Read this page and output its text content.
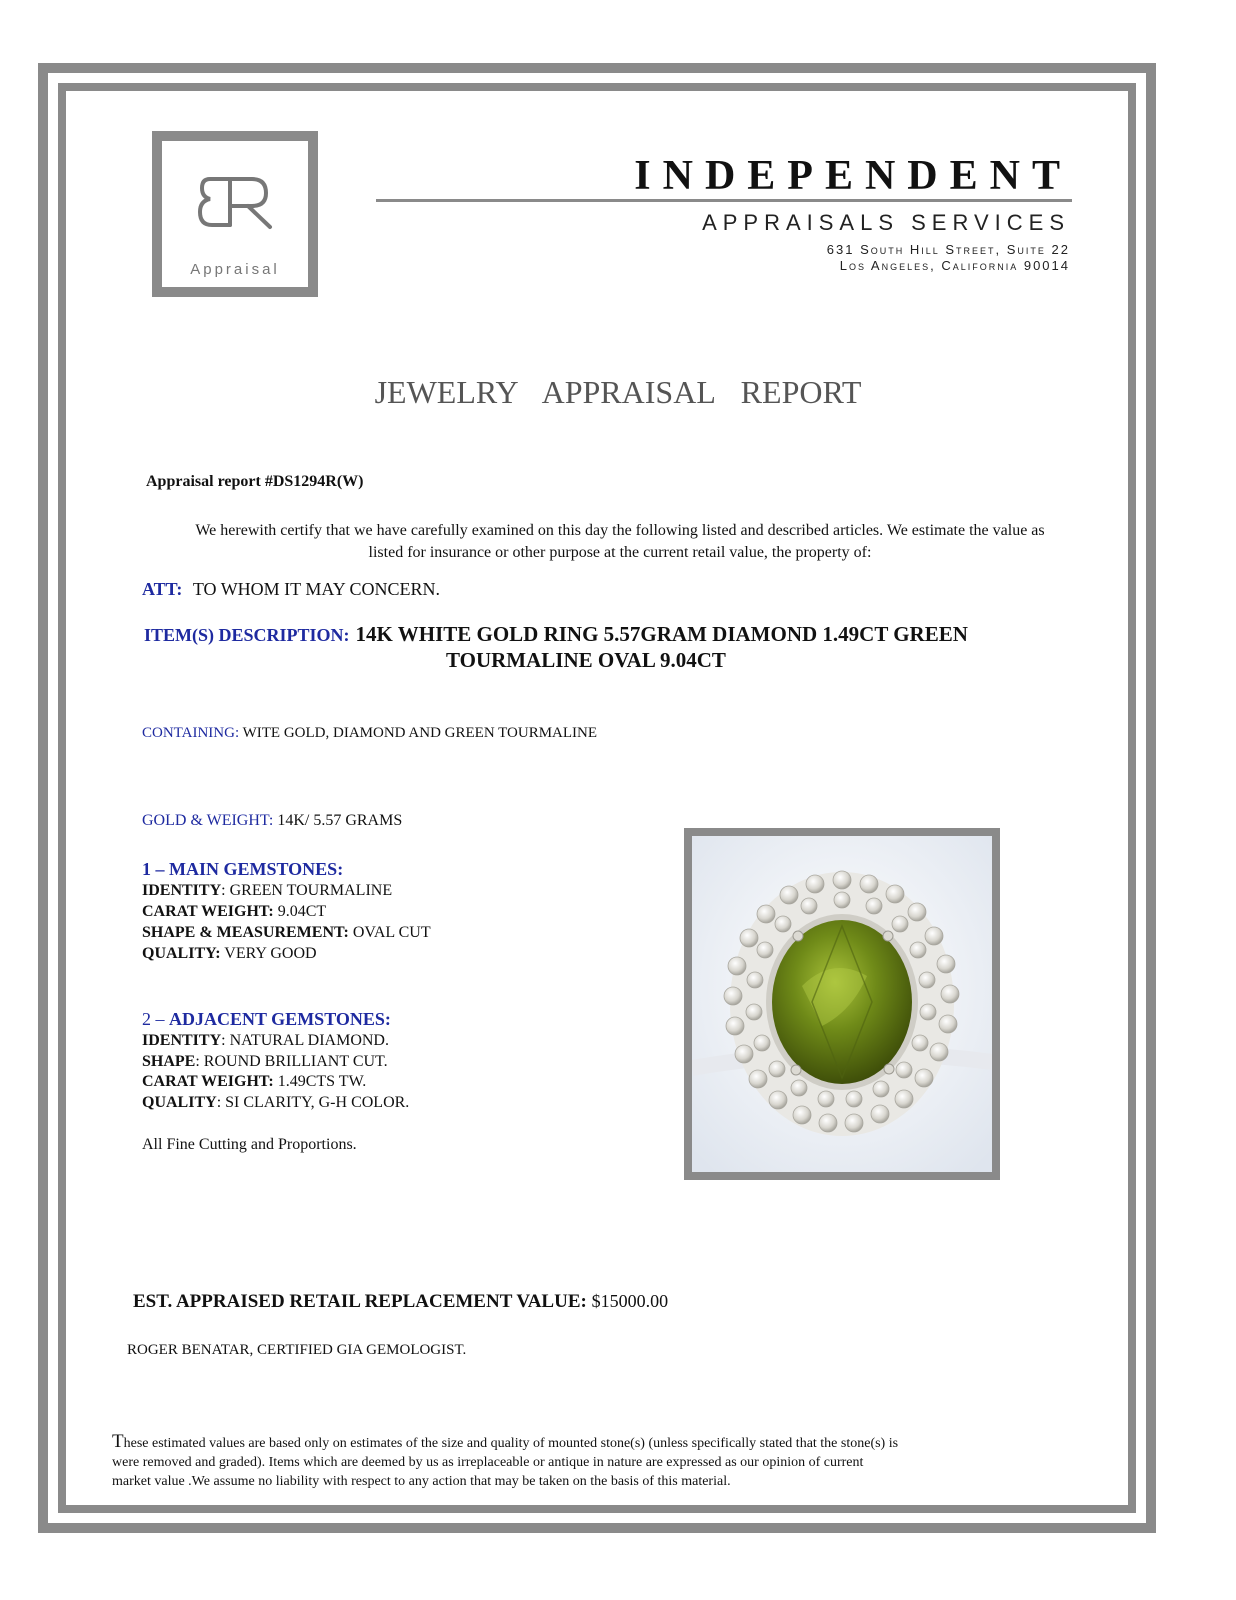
Appraisal
INDEPENDENT
APPRAISALS SERVICES
631 South Hill Street, Suite 22
Los Angeles, California 90014
JEWELRY APPRAISAL REPORT
Appraisal report #DS1294R(W)
We herewith certify that we have carefully examined on this day the following listed and described articles. We estimate the value as
listed for insurance or other purpose at the current retail value, the property of:
ATT: TO WHOM IT MAY CONCERN.
ITEM(S) DESCRIPTION: 14K WHITE GOLD RING 5.57GRAM DIAMOND 1.49CT GREEN
TOURMALINE OVAL 9.04CT
CONTAINING: WITE GOLD, DIAMOND AND GREEN TOURMALINE
GOLD & WEIGHT: 14K/ 5.57 GRAMS
1 – MAIN GEMSTONES:
IDENTITY: GREEN TOURMALINE
CARAT WEIGHT: 9.04CT
SHAPE & MEASUREMENT: OVAL CUT
QUALITY: VERY GOOD
2 – ADJACENT GEMSTONES:
IDENTITY: NATURAL DIAMOND.
SHAPE: ROUND BRILLIANT CUT.
CARAT WEIGHT: 1.49CTS TW.
QUALITY: SI CLARITY, G-H COLOR.
All Fine Cutting and Proportions.
EST. APPRAISED RETAIL REPLACEMENT VALUE: $15000.00
ROGER BENATAR, CERTIFIED GIA GEMOLOGIST.
These estimated values are based only on estimates of the size and quality of mounted stone(s) (unless specifically stated that the stone(s) is
were removed and graded). Items which are deemed by us as irreplaceable or antique in nature are expressed as our opinion of current
market value .We assume no liability with respect to any action that may be taken on the basis of this material.
